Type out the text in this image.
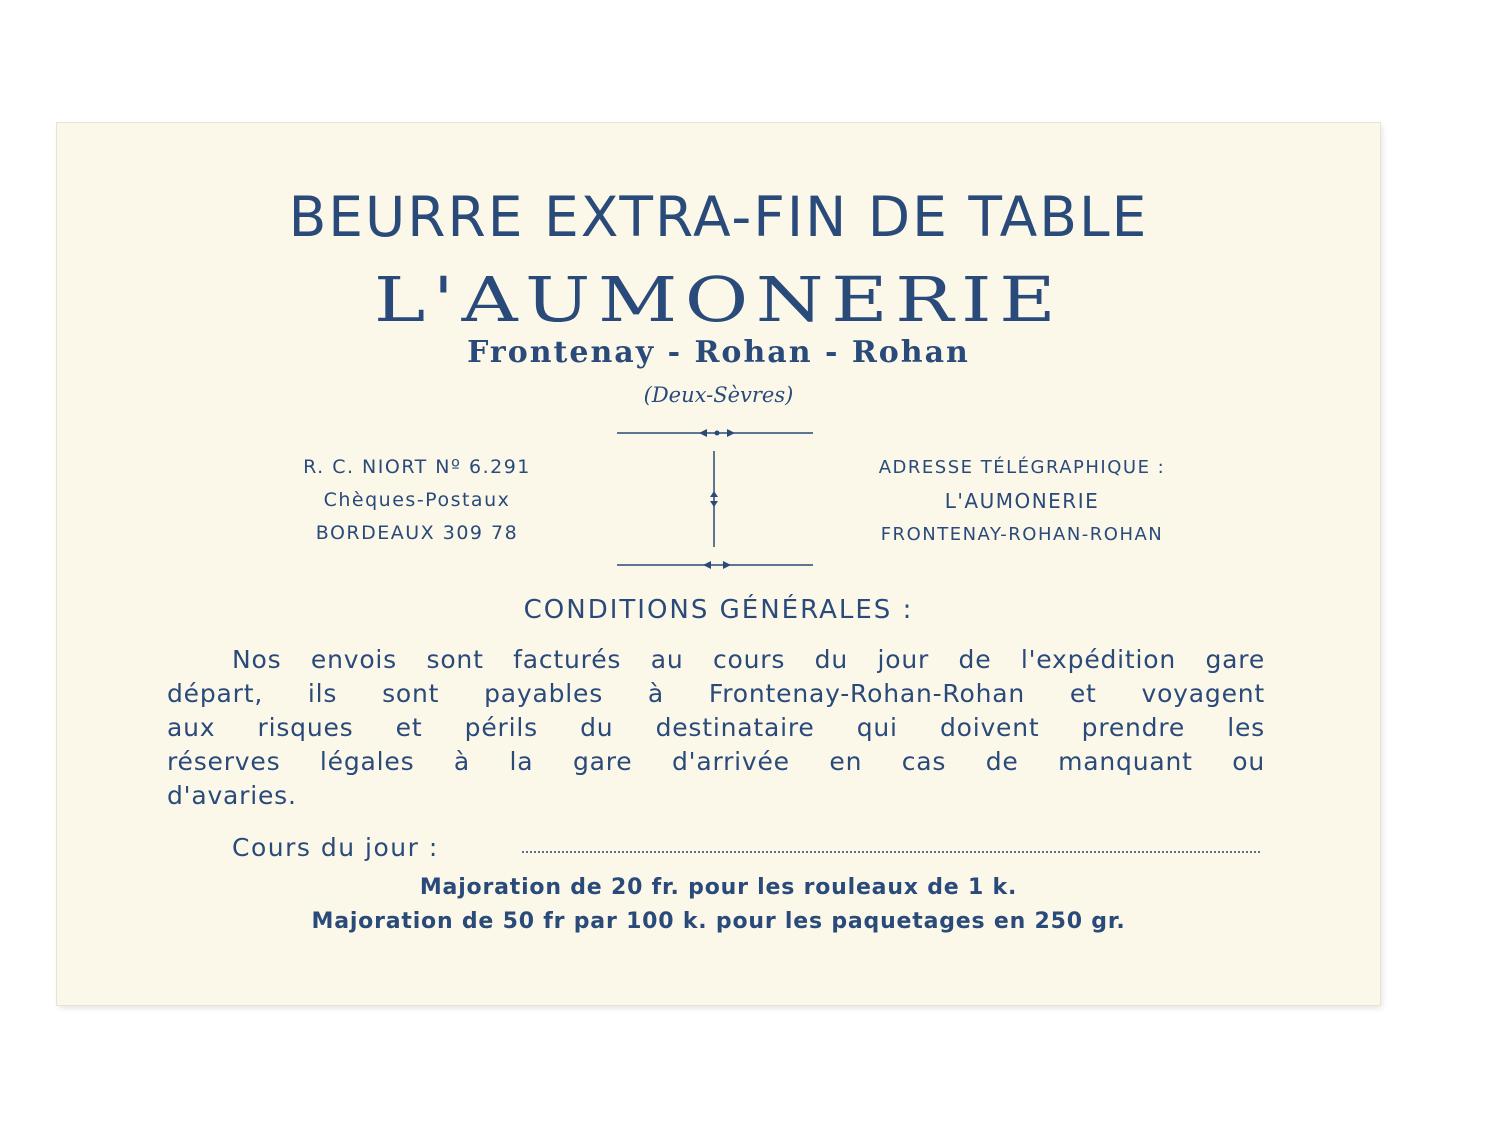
BEURRE EXTRA-FIN DE TABLE
L'AUMONERIE
Frontenay - Rohan - Rohan
(Deux-Sèvres)
R. C. NIORT Nº 6.291
Chèques-Postaux
BORDEAUX 309 78
ADRESSE TÉLÉGRAPHIQUE :
L'AUMONERIE
FRONTENAY-ROHAN-ROHAN
CONDITIONS GÉNÉRALES :
Nos envois sont facturés au cours du jour de l'expédition gare
départ, ils sont payables à Frontenay-Rohan-Rohan et voyagent
aux risques et périls du destinataire qui doivent prendre les
réserves légales à la gare d'arrivée en cas de manquant ou
d'avaries.
Cours du jour :
Majoration de 20 fr. pour les rouleaux de 1 k.
Majoration de 50 fr par 100 k. pour les paquetages en 250 gr.
